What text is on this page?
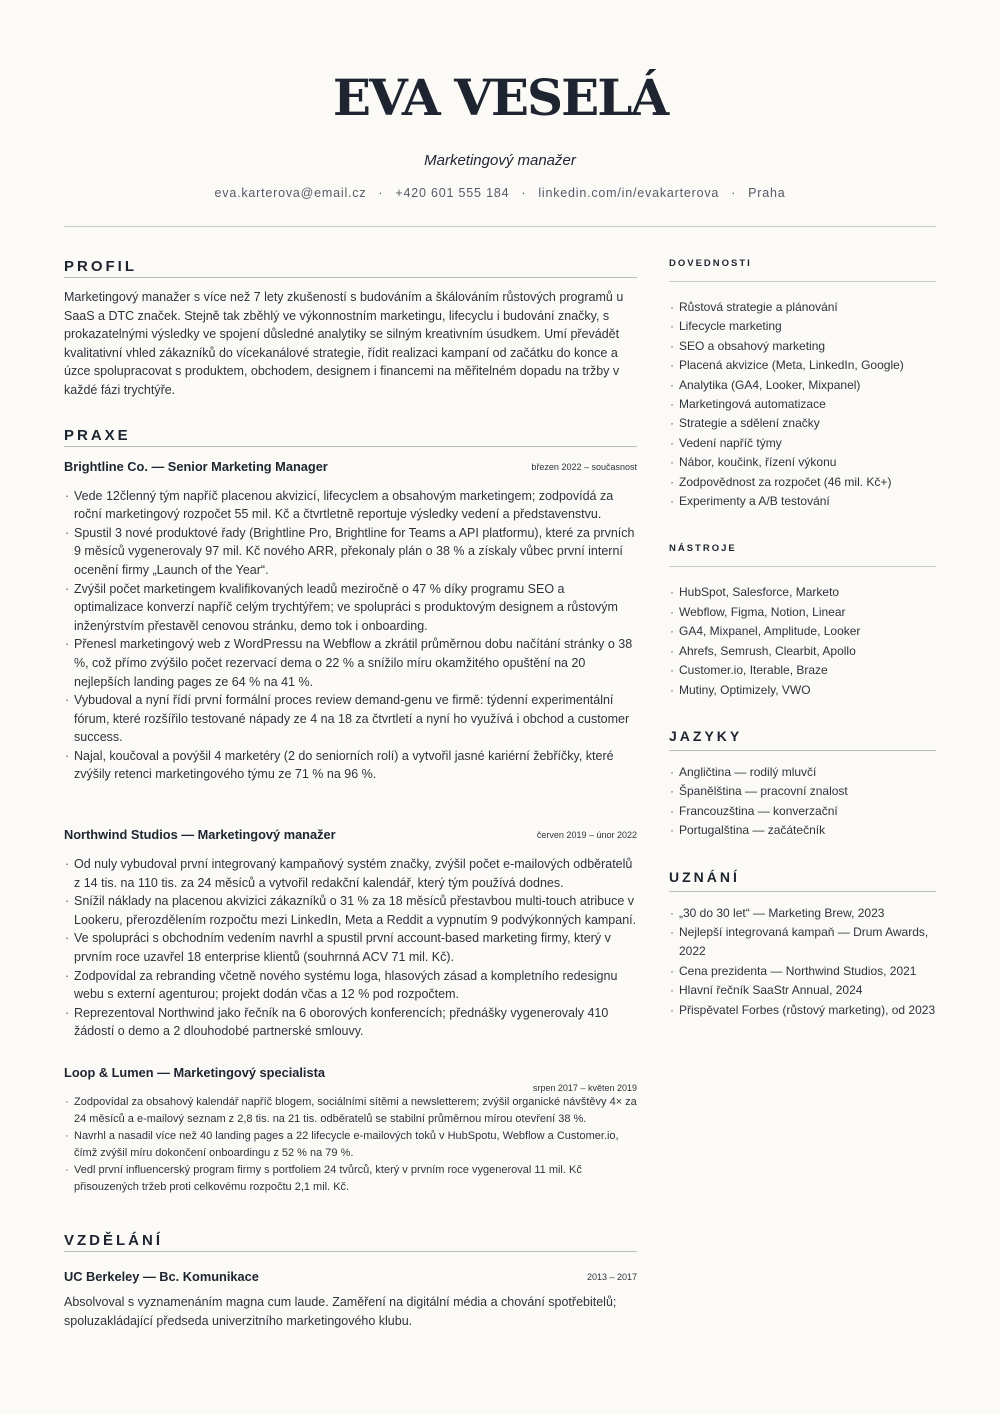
EVA VESELÁ
Marketingový manažer
eva.karterova@email.cz · +420 601 555 184 · linkedin.com/in/evakarterova · Praha
PROFIL

Marketingový manažer s více než 7 lety zkušeností s budováním a škálováním růstových programů u SaaS a DTC značek. Stejně tak zběhlý ve výkonnostním marketingu, lifecyclu i budování značky, s prokazatelnými výsledky ve spojení důsledné analytiky se silným kreativním úsudkem. Umí převádět kvalitativní vhled zákazníků do vícekanálové strategie, řídit realizaci kampaní od začátku do konce a úzce spolupracovat s produktem, obchodem, designem i financemi na měřitelném dopadu na tržby v každé fázi trychtýře.

PRAXE
Brightline Co. — Senior Marketing Manager	březen 2022 – současnost
· Vede 12členný tým napříč placenou akvizicí, lifecyclem a obsahovým marketingem; zodpovídá za roční marketingový rozpočet 55 mil. Kč a čtvrtletně reportuje výsledky vedení a představenstvu.
· Spustil 3 nové produktové řady (Brightline Pro, Brightline for Teams a API platformu), které za prvních 9 měsíců vygenerovaly 97 mil. Kč nového ARR, překonaly plán o 38 % a získaly vůbec první interní ocenění firmy „Launch of the Year“.
· Zvýšil počet marketingem kvalifikovaných leadů meziročně o 47 % díky programu SEO a optimalizace konverzí napříč celým trychtýřem; ve spolupráci s produktovým designem a růstovým inženýrstvím přestavěl cenovou stránku, demo tok i onboarding.
· Přenesl marketingový web z WordPressu na Webflow a zkrátil průměrnou dobu načítání stránky o 38 %, což přímo zvýšilo počet rezervací dema o 22 % a snížilo míru okamžitého opuštění na 20 nejlepších landing pages ze 64 % na 41 %.
· Vybudoval a nyní řídí první formální proces review demand-genu ve firmě: týdenní experimentální fórum, které rozšířilo testované nápady ze 4 na 18 za čtvrtletí a nyní ho využívá i obchod a customer success.
· Najal, koučoval a povýšil 4 marketéry (2 do seniorních rolí) a vytvořil jasné kariérní žebříčky, které zvýšily retenci marketingového týmu ze 71 % na 96 %.
Northwind Studios — Marketingový manažer	červen 2019 – únor 2022
· Od nuly vybudoval první integrovaný kampaňový systém značky, zvýšil počet e-mailových odběratelů z 14 tis. na 110 tis. za 24 měsíců a vytvořil redakční kalendář, který tým používá dodnes.
· Snížil náklady na placenou akvizici zákazníků o 31 % za 18 měsíců přestavbou multi-touch atribuce v Lookeru, přerozdělením rozpočtu mezi LinkedIn, Meta a Reddit a vypnutím 9 podvýkonných kampaní.
· Ve spolupráci s obchodním vedením navrhl a spustil první account-based marketing firmy, který v prvním roce uzavřel 18 enterprise klientů (souhrnná ACV 71 mil. Kč).
· Zodpovídal za rebranding včetně nového systému loga, hlasových zásad a kompletního redesignu webu s externí agenturou; projekt dodán včas a 12 % pod rozpočtem.
· Reprezentoval Northwind jako řečník na 6 oborových konferencích; přednášky vygenerovaly 410 žádostí o demo a 2 dlouhodobé partnerské smlouvy.
Loop & Lumen — Marketingový specialista
srpen 2017 – květen 2019
· Zodpovídal za obsahový kalendář napříč blogem, sociálními sítěmi a newsletterem; zvýšil organické návštěvy 4× za 24 měsíců a e-mailový seznam z 2,8 tis. na 21 tis. odběratelů se stabilní průměrnou mírou otevření 38 %.
· Navrhl a nasadil více než 40 landing pages a 22 lifecycle e-mailových toků v HubSpotu, Webflow a Customer.io, čímž zvýšil míru dokončení onboardingu z 52 % na 79 %.
· Vedl první influencerský program firmy s portfoliem 24 tvůrců, který v prvním roce vygeneroval 11 mil. Kč přisouzených tržeb proti celkovému rozpočtu 2,1 mil. Kč.
VZDĚLÁNÍ
UC Berkeley — Bc. Komunikace	2013 – 2017

Absolvoval s vyznamenáním magna cum laude. Zaměření na digitální média a chování spotřebitelů; spoluzakládající předseda univerzitního marketingového klubu.

DOVEDNOSTI
· Růstová strategie a plánování
· Lifecycle marketing
· SEO a obsahový marketing
· Placená akvizice (Meta, LinkedIn, Google)
· Analytika (GA4, Looker, Mixpanel)
· Marketingová automatizace
· Strategie a sdělení značky
· Vedení napříč týmy
· Nábor, koučink, řízení výkonu
· Zodpovědnost za rozpočet (46 mil. Kč+)
· Experimenty a A/B testování
NÁSTROJE
· HubSpot, Salesforce, Marketo
· Webflow, Figma, Notion, Linear
· GA4, Mixpanel, Amplitude, Looker
· Ahrefs, Semrush, Clearbit, Apollo
· Customer.io, Iterable, Braze
· Mutiny, Optimizely, VWO
JAZYKY
· Angličtina — rodilý mluvčí
· Španělština — pracovní znalost
· Francouzština — konverzační
· Portugalština — začátečník
UZNÁNÍ
· „30 do 30 let“ — Marketing Brew, 2023
· Nejlepší integrovaná kampaň — Drum Awards, 2022
· Cena prezidenta — Northwind Studios, 2021
· Hlavní řečník SaaStr Annual, 2024
· Přispěvatel Forbes (růstový marketing), od 2023
